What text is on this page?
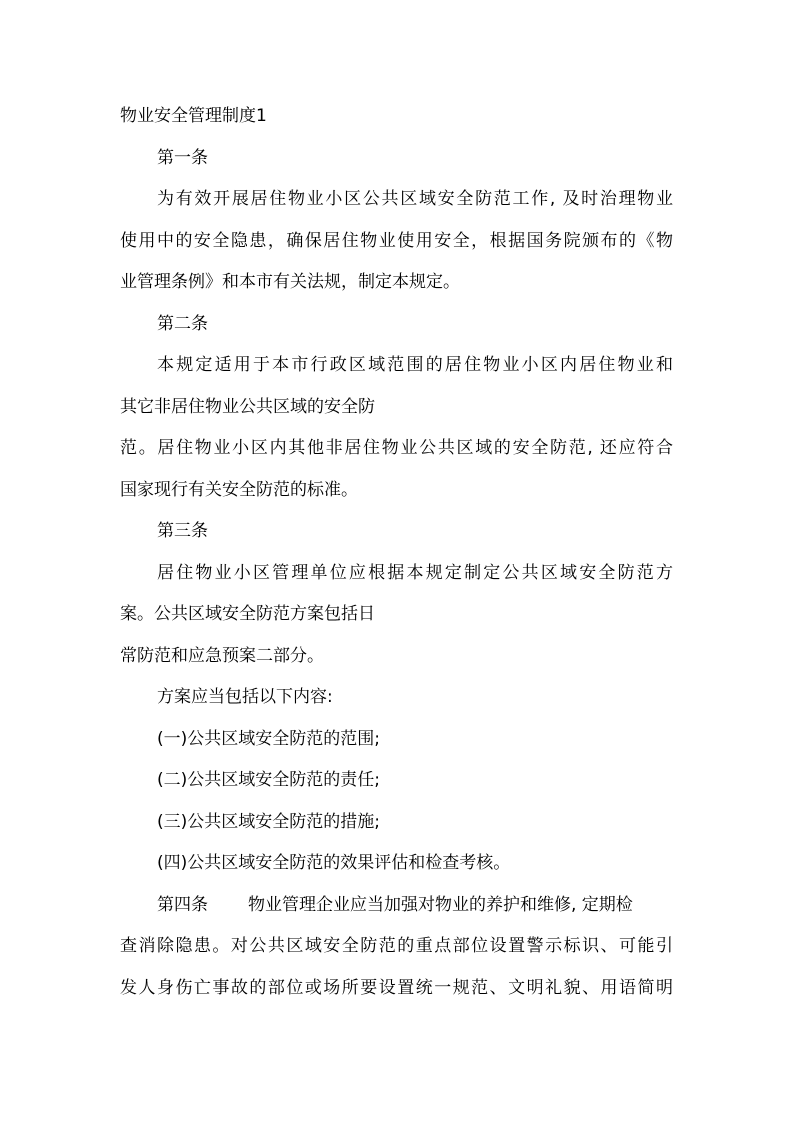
物业安全管理制度1
第一条
为有效开展居住物业小区公共区域安全防范工作, 及时治理物业
使用中的安全隐患，确保居住物业使用安全，根据国务院颁布的《物
业管理条例》和本市有关法规，制定本规定。
第二条
本规定适用于本市行政区域范围的居住物业小区内居住物业和
其它非居住物业公共区域的安全防
范。居住物业小区内其他非居住物业公共区域的安全防范, 还应符合
国家现行有关安全防范的标准。
第三条
居住物业小区管理单位应根据本规定制定公共区域安全防范方
案。公共区域安全防范方案包括日
常防范和应急预案二部分。
方案应当包括以下内容:
(一)公共区域安全防范的范围;
(二)公共区域安全防范的责任;
(三)公共区域安全防范的措施;
(四)公共区域安全防范的效果评估和检查考核。
第四条 物业管理企业应当加强对物业的养护和维修, 定期检
查消除隐患。对公共区域安全防范的重点部位设置警示标识、可能引
发人身伤亡事故的部位或场所要设置统一规范、文明礼貌、用语简明
